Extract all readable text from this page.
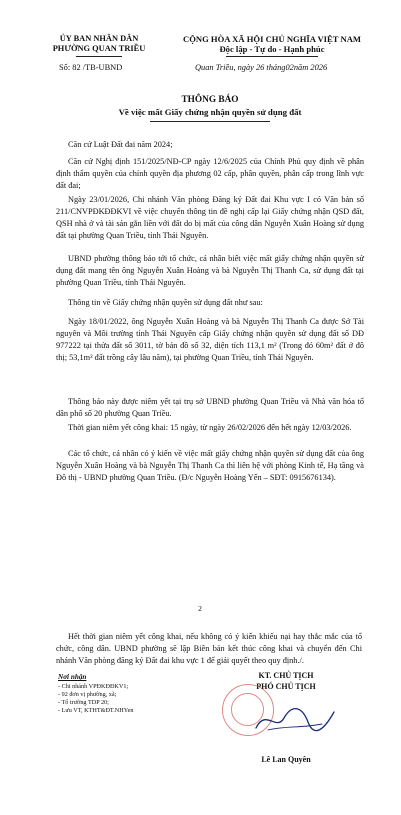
ỦY BAN NHÂN DÂN
PHƯỜNG QUAN TRIỀU
CỘNG HÒA XÃ HỘI CHỦ NGHĨA VIỆT NAM
Độc lập - Tự do - Hạnh phúc
Số: 82 /TB-UBND	Quan Triều, ngày 26 tháng02năm 2026
THÔNG BÁO
Về việc mất Giấy chứng nhận quyền sử dụng đất
Căn cứ Luật Đất đai năm 2024;
Căn cứ Nghị định 151/2025/NĐ-CP ngày 12/6/2025 của Chính Phủ quy định về phân định thẩm quyền của chính quyền địa phương 02 cấp, phân quyền, phân cấp trong lĩnh vực đất đai;
Ngày 23/01/2026, Chi nhánh Văn phòng Đăng ký Đất đai Khu vực I có Văn bản số 211/CNVPĐKĐĐKVI về việc chuyển thông tin đề nghị cấp lại Giấy chứng nhận QSD đất, QSH nhà ở và tài sản gắn liền với đất do bị mất của công dân Nguyễn Xuân Hoàng sử dụng đất tại phường Quan Triều, tỉnh Thái Nguyên.
UBND phường thông báo tới tổ chức, cá nhân biết việc mất giấy chứng nhận quyền sử dụng đất mang tên ông Nguyễn Xuân Hoàng và bà Nguyễn Thị Thanh Ca, sử dụng đất tại phường Quan Triều, tỉnh Thái Nguyên.
Thông tin về Giấy chứng nhận quyền sử dụng đất như sau:
Ngày 18/01/2022, ông Nguyễn Xuân Hoàng và bà Nguyễn Thị Thanh Ca được Sở Tài nguyên và Môi trường tỉnh Thái Nguyên cấp Giấy chứng nhận quyền sử dụng đất số DĐ 977222 tại thửa đất số 3011, tờ bản đồ số 32, diện tích 113,1 m² (Trong đó 60m² đất ở đô thị; 53,1m² đất trồng cây lâu năm), tại phường Quan Triều, tỉnh Thái Nguyên.
Thông báo này được niêm yết tại trụ sở UBND phường Quan Triều và Nhà văn hóa tổ dân phố số 20 phường Quan Triều.
Thời gian niêm yết công khai: 15 ngày, từ ngày 26/02/2026 đến hết ngày 12/03/2026.
Các tổ chức, cá nhân có ý kiến về việc mất giấy chứng nhận quyền sử dụng đất của ông Nguyễn Xuân Hoàng và bà Nguyễn Thị Thanh Ca thì liên hệ với phòng Kinh tế, Hạ tầng và Đô thị - UBND phường Quan Triều. (Đ/c Nguyễn Hoàng Yến – SĐT: 0915676134).
2
Hết thời gian niêm yết công khai, nếu không có ý kiến khiếu nại hay thắc mắc của tổ chức, công dân. UBND phường sẽ lập Biên bản kết thúc công khai và chuyển đến Chi nhánh Văn phòng đăng ký Đất đai khu vực 1 để giải quyết theo quy định./.
Nơi nhận
- Chi nhánh VPĐKĐĐKV1;
- 92 đơn vị phường, xã;
- Tổ trường TDP 20;
- Lưu VT, KTHT&ĐT.NHYen
KT. CHỦ TỊCH
PHÓ CHỦ TỊCH
Lê Lan Quyên
